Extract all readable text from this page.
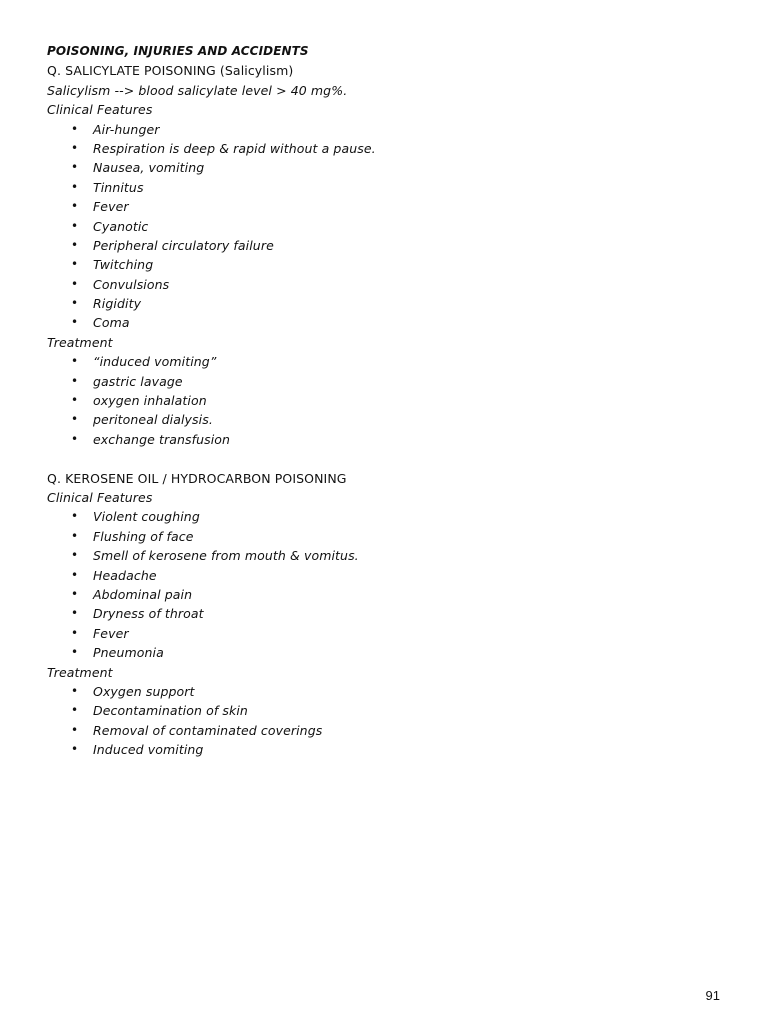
POISONING, INJURIES AND ACCIDENTS
Q. SALICYLATE POISONING (Salicylism)
Salicylism --> blood salicylate level > 40 mg%.
Clinical Features
• Air-hunger
• Respiration is deep & rapid without a pause.
• Nausea, vomiting
• Tinnitus
• Fever
• Cyanotic
• Peripheral circulatory failure
• Twitching
• Convulsions
• Rigidity
• Coma
Treatment
• “induced vomiting”
• gastric lavage
• oxygen inhalation
• peritoneal dialysis.
• exchange transfusion
Q. KEROSENE OIL / HYDROCARBON POISONING
Clinical Features
• Violent coughing
• Flushing of face
• Smell of kerosene from mouth & vomitus.
• Headache
• Abdominal pain
• Dryness of throat
• Fever
• Pneumonia
Treatment
• Oxygen support
• Decontamination of skin
• Removal of contaminated coverings
• Induced vomiting
91
